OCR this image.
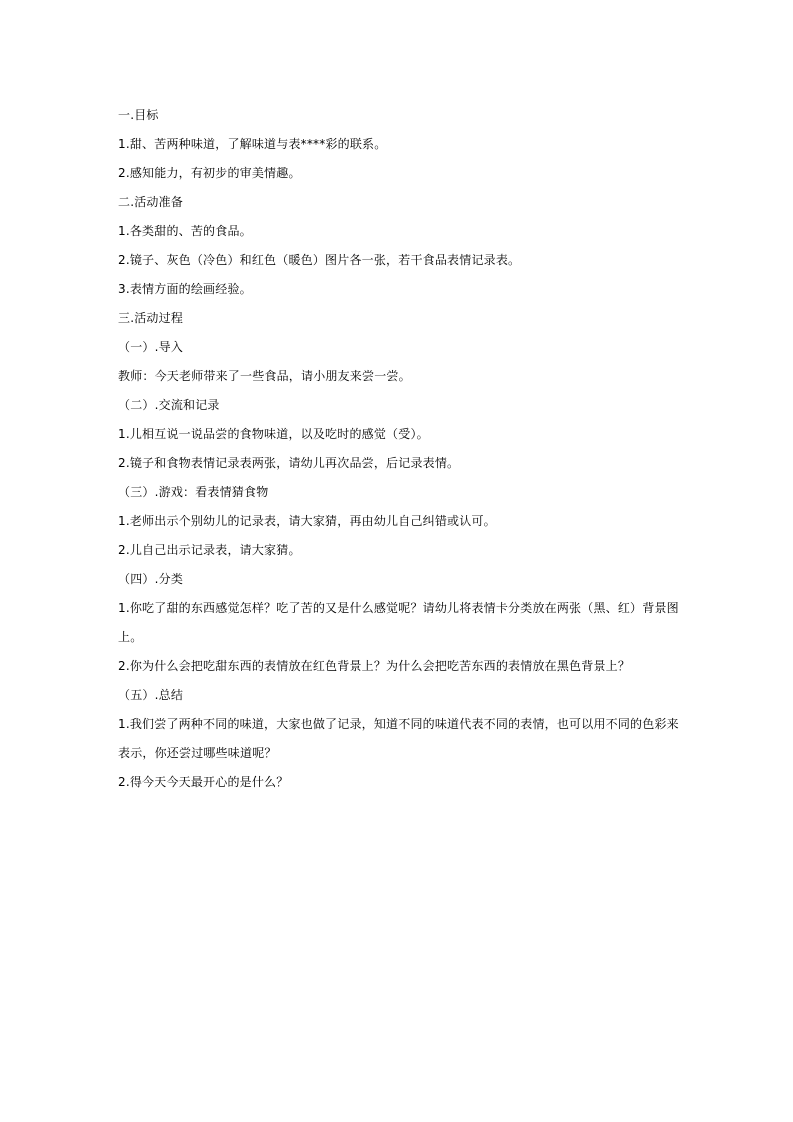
一.目标
1.甜、苦两种味道，了解味道与表****彩的联系。
2.感知能力，有初步的审美情趣。
二.活动准备
1.各类甜的、苦的食品。
2.镜子、灰色（冷色）和红色（暖色）图片各一张，若干食品表情记录表。
3.表情方面的绘画经验。
三.活动过程
（一）.导入
教师：今天老师带来了一些食品，请小朋友来尝一尝。
（二）.交流和记录
1.儿相互说一说品尝的食物味道，以及吃时的感觉（受）。
2.镜子和食物表情记录表两张，请幼儿再次品尝，后记录表情。
（三）.游戏：看表情猜食物
1.老师出示个别幼儿的记录表，请大家猜，再由幼儿自己纠错或认可。
2.儿自己出示记录表，请大家猜。
（四）.分类
1.你吃了甜的东西感觉怎样？吃了苦的又是什么感觉呢？请幼儿将表情卡分类放在两张（黑、红）背景图
上。
2.你为什么会把吃甜东西的表情放在红色背景上？为什么会把吃苦东西的表情放在黑色背景上？
（五）.总结
1.我们尝了两种不同的味道，大家也做了记录，知道不同的味道代表不同的表情，也可以用不同的色彩来
表示，你还尝过哪些味道呢？
2.得今天今天最开心的是什么？
